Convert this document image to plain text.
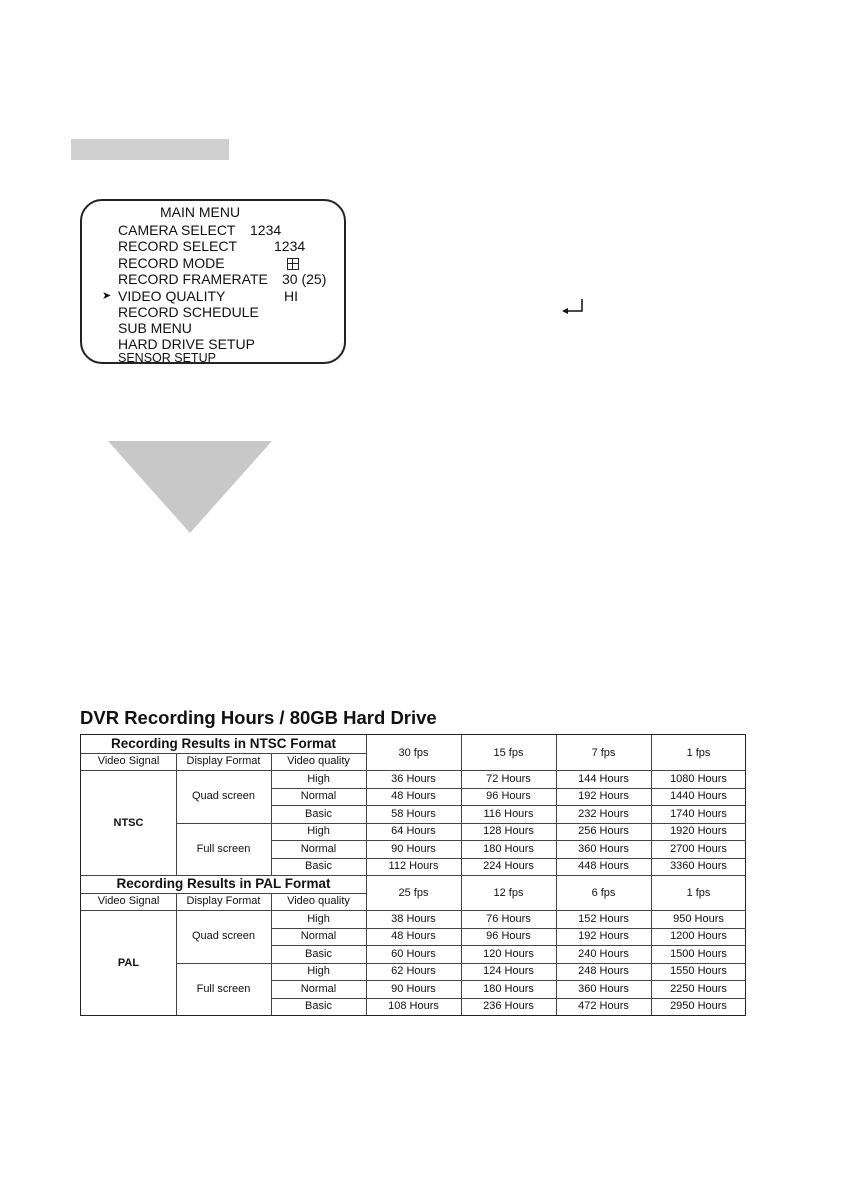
MAIN MENU
CAMERA SELECT 1234
RECORD SELECT	1234
RECORD MODE
RECORD FRAMERATE 30 (25)
➤ VIDEO QUALITY	HI
RECORD SCHEDULE
SUB MENU
HARD DRIVE SETUP
SENSOR SETUP
DVR Recording Hours / 80GB Hard Drive
Recording Results in NTSC Format
30 fps	15 fps	7 fps	1 fps
Video Signal	Display Format	Video quality
NTSC
Quad screen
High	36 Hours	72 Hours	144 Hours	1080 Hours
Normal	48 Hours	96 Hours	192 Hours	1440 Hours
Basic	58 Hours	116 Hours	232 Hours	1740 Hours
Full screen
High	64 Hours	128 Hours	256 Hours	1920 Hours
Normal	90 Hours	180 Hours	360 Hours	2700 Hours
Basic	112 Hours	224 Hours	448 Hours	3360 Hours
Recording Results in PAL Format
25 fps	12 fps	6 fps	1 fps
Video Signal	Display Format	Video quality
PAL
Quad screen
High	38 Hours	76 Hours	152 Hours	950 Hours
Normal	48 Hours	96 Hours	192 Hours	1200 Hours
Basic	60 Hours	120 Hours	240 Hours	1500 Hours
Full screen
High	62 Hours	124 Hours	248 Hours	1550 Hours
Normal	90 Hours	180 Hours	360 Hours	2250 Hours
Basic	108 Hours	236 Hours	472 Hours	2950 Hours
